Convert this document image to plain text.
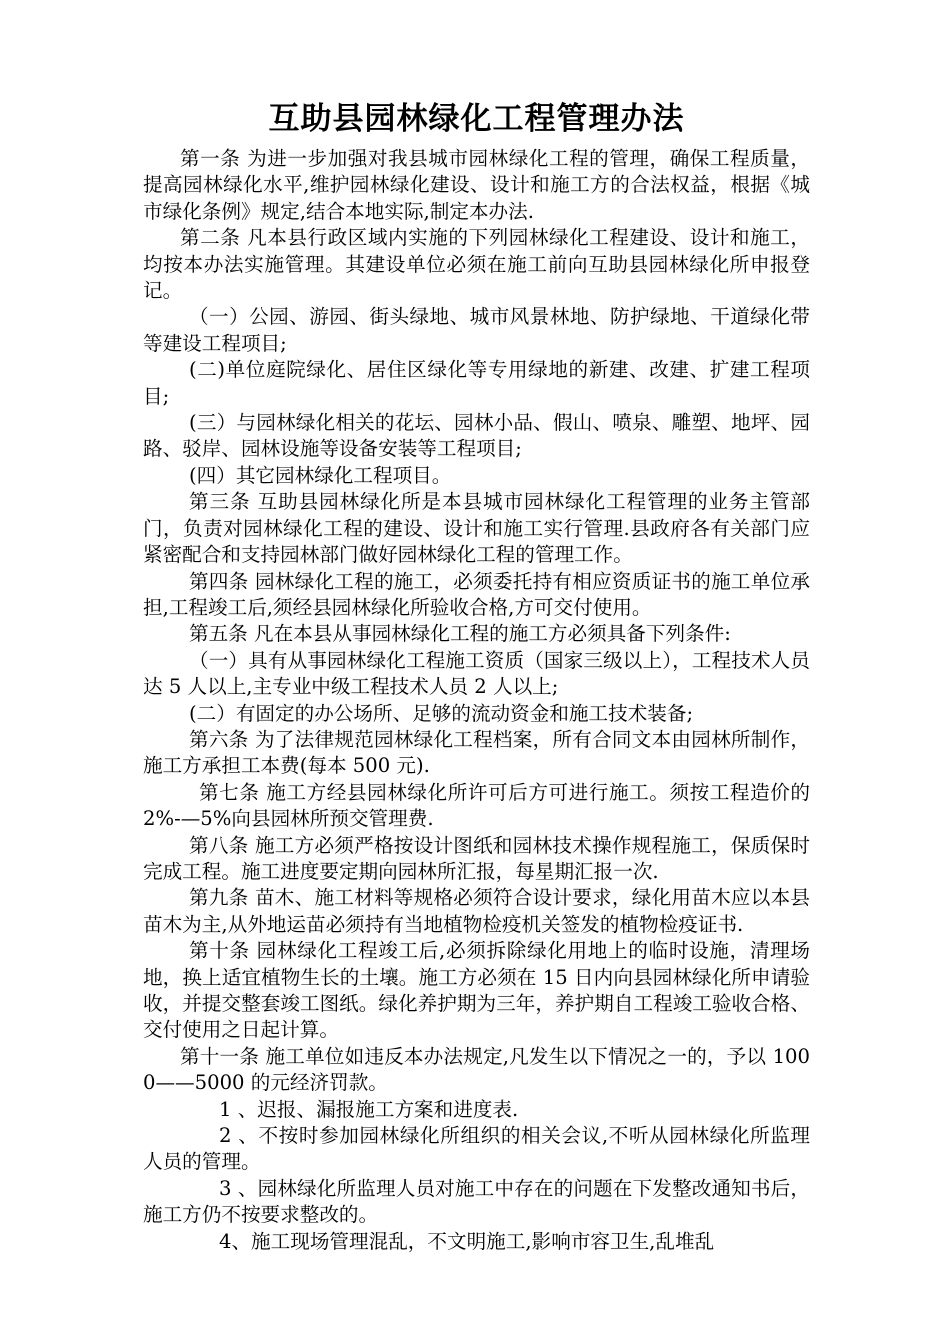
互助县园林绿化工程管理办法

第一条 为进一步加强对我县城市园林绿化工程的管理，确保工程质量，提高园林绿化水平,维护园林绿化建设、设计和施工方的合法权益，根据《城市绿化条例》规定,结合本地实际,制定本办法.

第二条 凡本县行政区域内实施的下列园林绿化工程建设、设计和施工，均按本办法实施管理。其建设单位必须在施工前向互助县园林绿化所申报登记。

（一）公园、游园、街头绿地、城市风景林地、防护绿地、干道绿化带等建设工程项目;

(二)单位庭院绿化、居住区绿化等专用绿地的新建、改建、扩建工程项目;

(三）与园林绿化相关的花坛、园林小品、假山、喷泉、雕塑、地坪、园路、驳岸、园林设施等设备安装等工程项目;

(四）其它园林绿化工程项目。

第三条 互助县园林绿化所是本县城市园林绿化工程管理的业务主管部门，负责对园林绿化工程的建设、设计和施工实行管理.县政府各有关部门应紧密配合和支持园林部门做好园林绿化工程的管理工作。

第四条 园林绿化工程的施工，必须委托持有相应资质证书的施工单位承担,工程竣工后,须经县园林绿化所验收合格,方可交付使用。

第五条 凡在本县从事园林绿化工程的施工方必须具备下列条件:

（一）具有从事园林绿化工程施工资质（国家三级以上），工程技术人员达 5 人以上,主专业中级工程技术人员 2 人以上;

(二）有固定的办公场所、足够的流动资金和施工技术装备;

第六条 为了法律规范园林绿化工程档案，所有合同文本由园林所制作，施工方承担工本费(每本 500 元).

第七条 施工方经县园林绿化所许可后方可进行施工。须按工程造价的 2%-—5%向县园林所预交管理费.

第八条 施工方必须严格按设计图纸和园林技术操作规程施工，保质保时完成工程。施工进度要定期向园林所汇报，每星期汇报一次.

第九条 苗木、施工材料等规格必须符合设计要求，绿化用苗木应以本县苗木为主,从外地运苗必须持有当地植物检疫机关签发的植物检疫证书.

第十条 园林绿化工程竣工后,必须拆除绿化用地上的临时设施，清理场地，换上适宜植物生长的土壤。施工方必须在 15 日内向县园林绿化所申请验收，并提交整套竣工图纸。绿化养护期为三年，养护期自工程竣工验收合格、交付使用之日起计算。

第十一条 施工单位如违反本办法规定,凡发生以下情况之一的，予以 1000——5000 的元经济罚款。

1 、迟报、漏报施工方案和进度表.

2 、不按时参加园林绿化所组织的相关会议,不听从园林绿化所监理人员的管理。

3 、园林绿化所监理人员对施工中存在的问题在下发整改通知书后，施工方仍不按要求整改的。

4、施工现场管理混乱，不文明施工,影响市容卫生,乱堆乱
